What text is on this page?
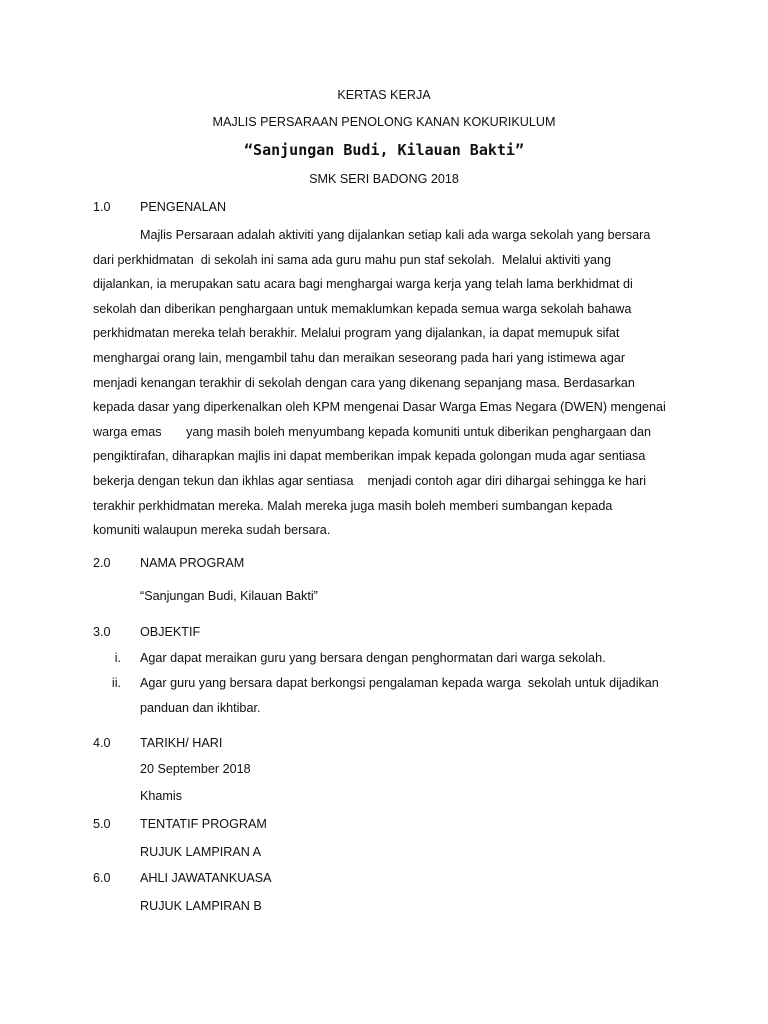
KERTAS KERJA
MAJLIS PERSARAAN PENOLONG KANAN KOKURIKULUM
“Sanjungan Budi, Kilauan Bakti”
SMK SERI BADONG 2018
1.0 PENGENALAN
Majlis Persaraan adalah aktiviti yang dijalankan setiap kali ada warga sekolah yang bersara
dari perkhidmatan  di sekolah ini sama ada guru mahu pun staf sekolah.  Melalui aktiviti yang
dijalankan, ia merupakan satu acara bagi menghargai warga kerja yang telah lama berkhidmat di
sekolah dan diberikan penghargaan untuk memaklumkan kepada semua warga sekolah bahawa
perkhidmatan mereka telah berakhir. Melalui program yang dijalankan, ia dapat memupuk sifat
menghargai orang lain, mengambil tahu dan meraikan seseorang pada hari yang istimewa agar
menjadi kenangan terakhir di sekolah dengan cara yang dikenang sepanjang masa. Berdasarkan
kepada dasar yang diperkenalkan oleh KPM mengenai Dasar Warga Emas Negara (DWEN) mengenai
warga emas       yang masih boleh menyumbang kepada komuniti untuk diberikan penghargaan dan
pengiktirafan, diharapkan majlis ini dapat memberikan impak kepada golongan muda agar sentiasa
bekerja dengan tekun dan ikhlas agar sentiasa    menjadi contoh agar diri dihargai sehingga ke hari
terakhir perkhidmatan mereka. Malah mereka juga masih boleh memberi sumbangan kepada
komuniti walaupun mereka sudah bersara.
2.0 NAMA PROGRAM
“Sanjungan Budi, Kilauan Bakti”
3.0 OBJEKTIF
i. Agar dapat meraikan guru yang bersara dengan penghormatan dari warga sekolah.
ii. Agar guru yang bersara dapat berkongsi pengalaman kepada warga  sekolah untuk dijadikan
panduan dan ikhtibar.
4.0 TARIKH/ HARI
20 September 2018
Khamis
5.0 TENTATIF PROGRAM
RUJUK LAMPIRAN A
6.0 AHLI JAWATANKUASA
RUJUK LAMPIRAN B
